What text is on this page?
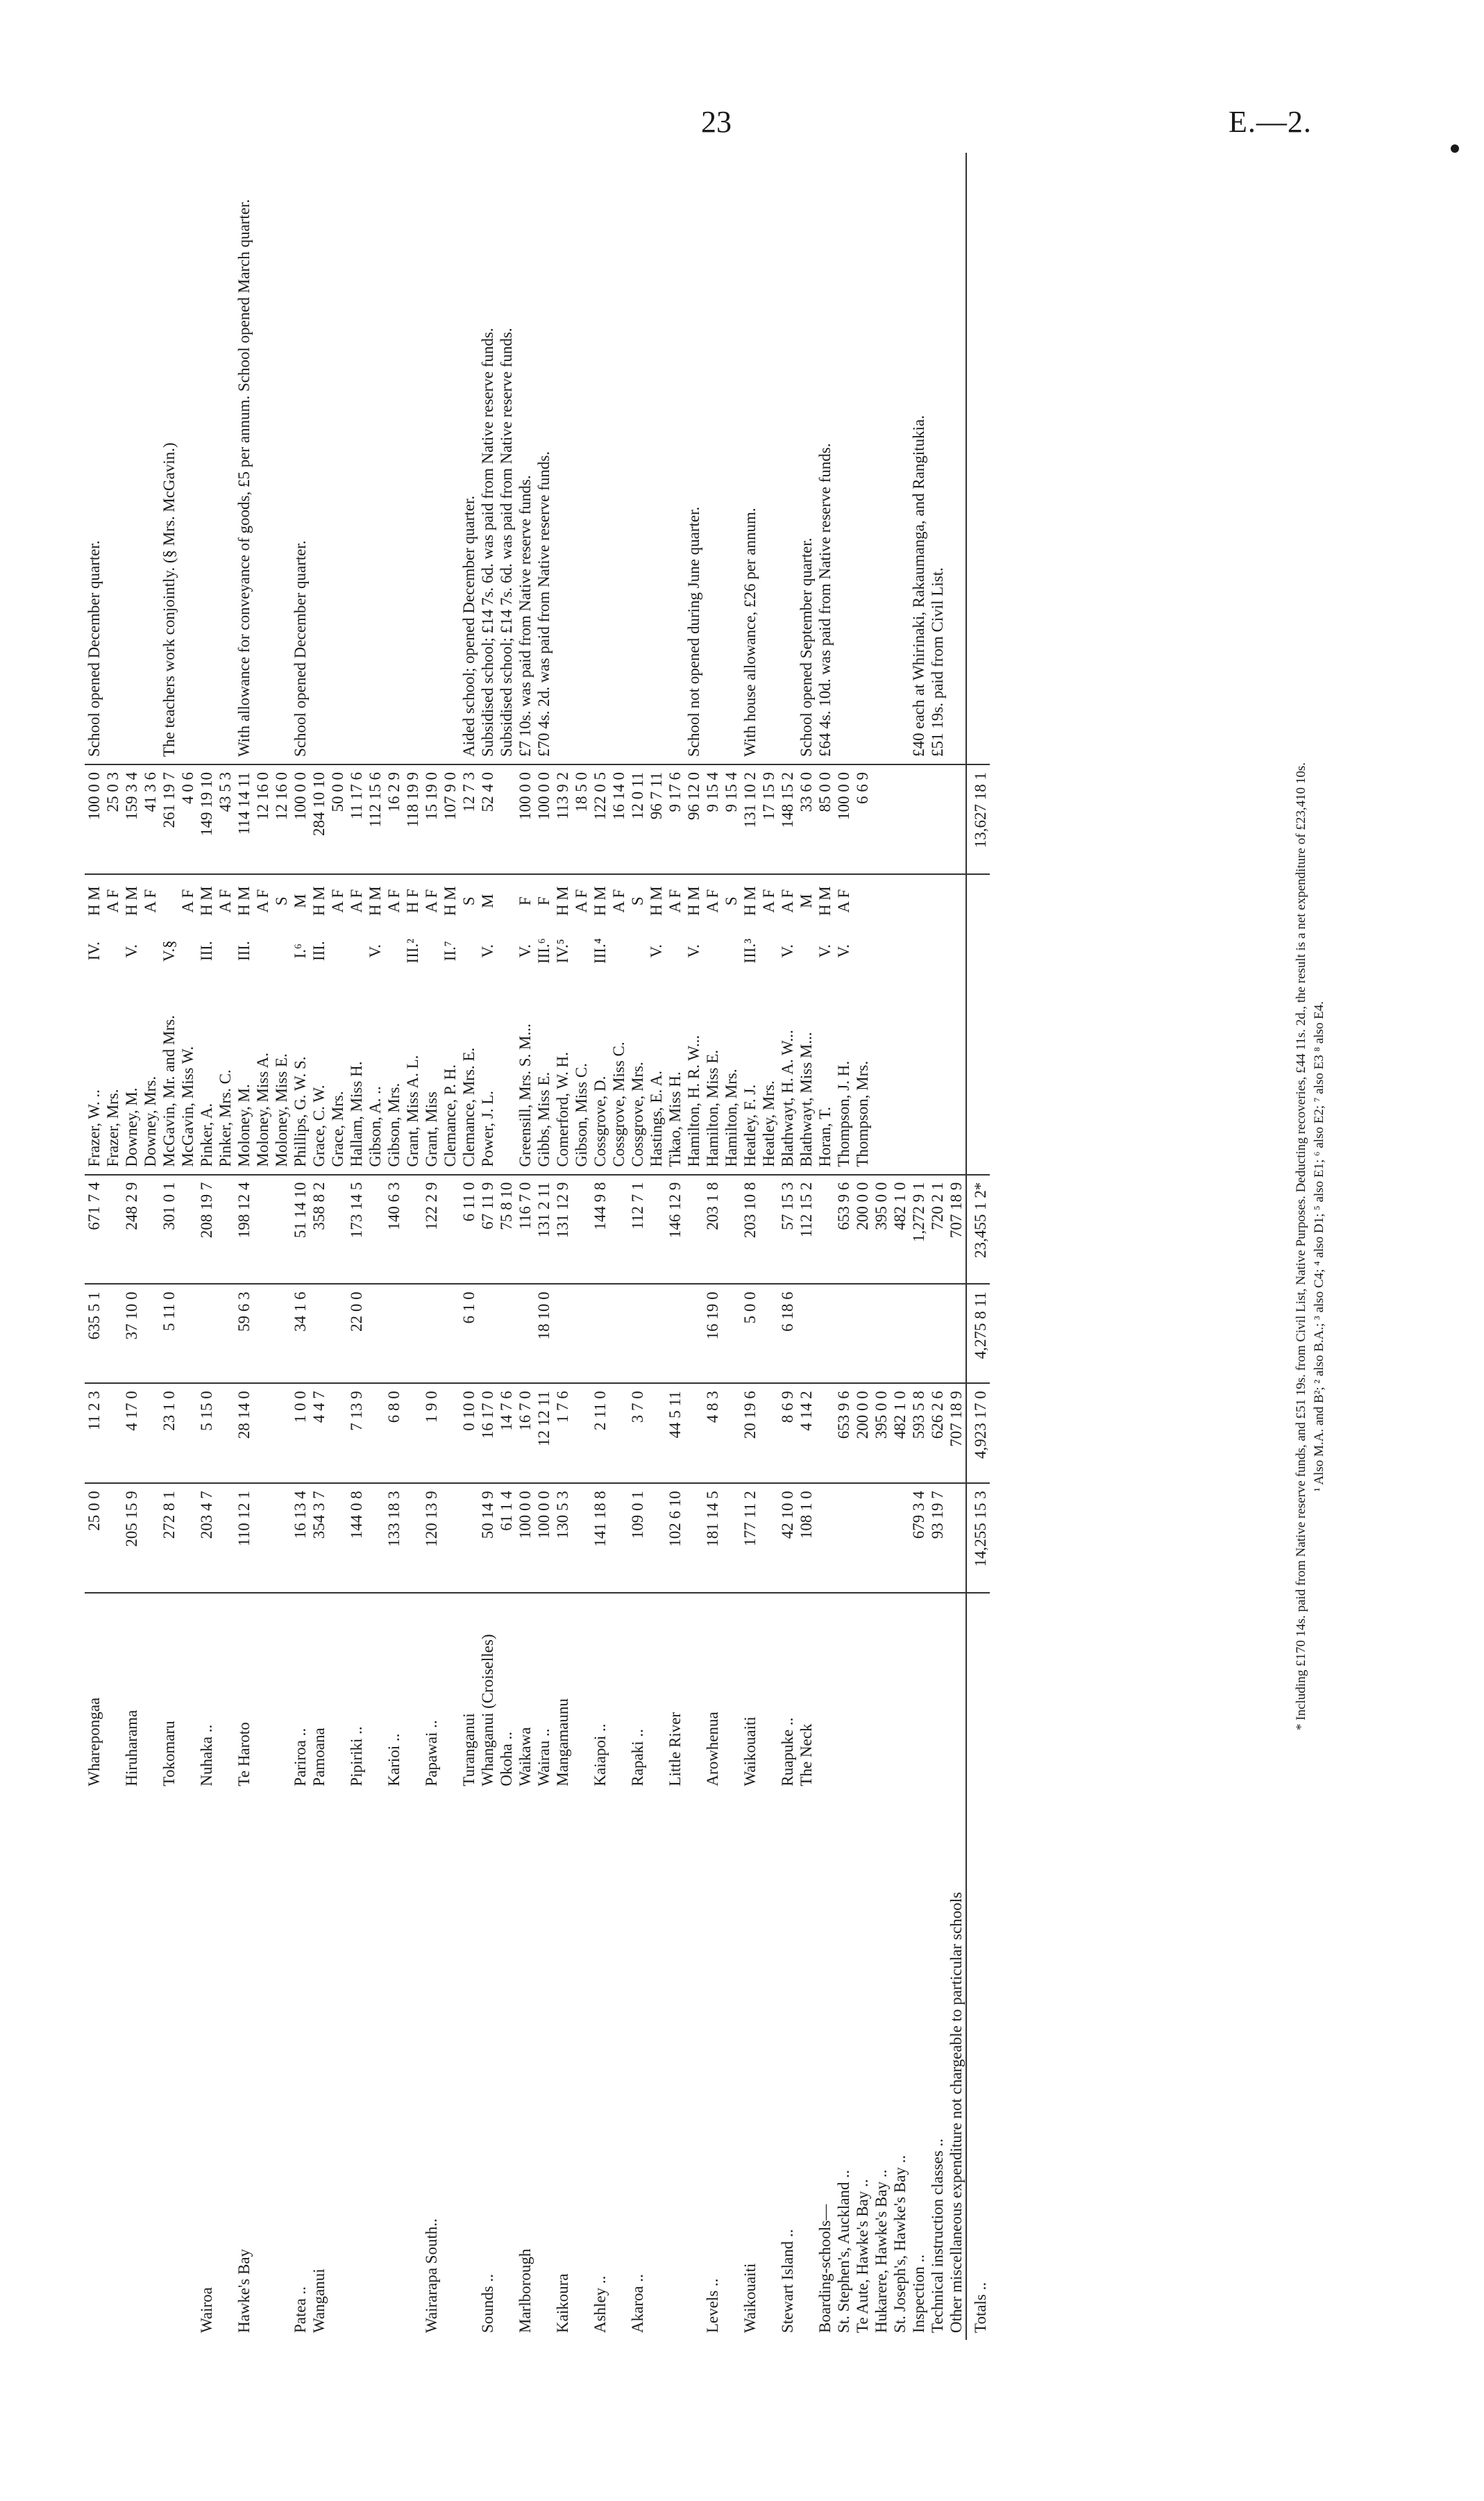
23	E.—2.
	Wharepongaa	25 0 0	11 2 3	635 5 1	671 7 4	Frazer, W. ..	IV.	H M	100 0 0	School opened December quarter.
						Frazer, Mrs.		A F	25 0 3	
	Hiruharama	205 15 9	4 17 0	37 10 0	248 2 9	Downey, M.	V.	H M	159 3 4	
						Downey, Mrs.		A F	41 3 6	
	Tokomaru	272 8 1	23 1 0	5 11 0	301 0 1	McGavin, Mr. and Mrs.	V.§		261 19 7	The teachers work conjointly. (§ Mrs. McGavin.)
						McGavin, Miss W.		A F	4 0 6	
Wairoa	Nuhaka ..	203 4 7	5 15 0		208 19 7	Pinker, A.	III.	H M	149 19 10	
						Pinker, Mrs. C.		A F	43 5 3	
Hawke's Bay	Te Haroto	110 12 1	28 14 0	59 6 3	198 12 4	Moloney, M.	III.	H M	114 14 11	With allowance for conveyance of goods, £5 per annum. School opened March quarter.
						Moloney, Miss A.		A F	12 16 0	
						Moloney, Miss E.		S	12 16 0	
Patea ..	Pariroa ..	16 13 4	1 0 0	34 1 6	51 14 10	Phillips, G. W. S.	I.⁶	M	100 0 0	School opened December quarter.
Wanganui	Pamoana	354 3 7	4 4 7		358 8 2	Grace, C. W.	III.	H M	284 10 10	
						Grace, Mrs.		A F	50 0 0	
	Pipiriki ..	144 0 8	7 13 9	22 0 0	173 14 5	Hallam, Miss H.		A F	11 17 6	
						Gibson, A. ..	V.	H M	112 15 6	
	Karioi ..	133 18 3	6 8 0		140 6 3	Gibson, Mrs.		A F	16 2 9	
						Grant, Miss A. L.	III.²	H F	118 19 9	
Wairarapa South..	Papawai ..	120 13 9	1 9 0		122 2 9	Grant, Miss		A F	15 19 0	
						Clemance, P. H.	II.⁷	H M	107 9 0	
	Turanganui		0 10 0	6 1 0	6 11 0	Clemance, Mrs. E.		S	12 7 3	Aided school; opened December quarter.
Sounds ..	Whanganui (Croiselles)	50 14 9	16 17 0		67 11 9	Power, J. L.	V.	M	52 4 0	Subsidised school; £14 7s. 6d. was paid from Native reserve funds.
	Okoha ..	61 1 4	14 7 6		75 8 10					Subsidised school; £14 7s. 6d. was paid from Native reserve funds.
Marlborough	Waikawa	100 0 0	16 7 0		116 7 0	Greensill, Mrs. S. M...	V.	F	100 0 0	£7 10s. was paid from Native reserve funds.
	Wairau ..	100 0 0	12 12 11	18 10 0	131 2 11	Gibbs, Miss E.	III.⁶	F	100 0 0	£70 4s. 2d. was paid from Native reserve funds.
Kaikoura	Mangamaunu	130 5 3	1 7 6		131 12 9	Comerford, W. H.	IV.⁵	H M	113 9 2	
						Gibson, Miss C.		A F	18 5 0	
Ashley ..	Kaiapoi ..	141 18 8	2 11 0		144 9 8	Cossgrove, D.	III.⁴	H M	122 0 5	
						Cossgrove, Miss C.		A F	16 14 0	
Akaroa ..	Rapaki ..	109 0 1	3 7 0		112 7 1	Cossgrove, Mrs.		S	12 0 11	
						Hastings, E. A.	V.	H M	96 7 11	
	Little River	102 6 10	44 5 11		146 12 9	Tikao, Miss H.		A F	9 17 6	
						Hamilton, H. R. W...	V.	H M	96 12 0	School not opened during June quarter.
Levels ..	Arowhenua	181 14 5	4 8 3	16 19 0	203 1 8	Hamilton, Miss E.		A F	9 15 4	
						Hamilton, Mrs.		S	9 15 4	
Waikouaiti	Waikouaiti	177 11 2	20 19 6	5 0 0	203 10 8	Heatley, F. J.	III.³	H M	131 10 2	With house allowance, £26 per annum.
						Heatley, Mrs.		A F	17 15 9	
Stewart Island ..	Ruapuke ..	42 10 0	8 6 9	6 18 6	57 15 3	Blathwayt, H. A. W...	V.	A F	148 15 2	
	The Neck	108 1 0	4 14 2		112 15 2	Blathwayt, Miss M...		M	33 6 0	School opened September quarter.
Boarding-schools—						Horan, T.	V.	H M	85 0 0	£64 4s. 10d. was paid from Native reserve funds.
St. Stephen's, Auckland ..			653 9 6		653 9 6	Thompson, J. H.	V.	A F	100 0 0	
Te Aute, Hawke's Bay ..			200 0 0		200 0 0	Thompson, Mrs.			6 6 9	
Hukarere, Hawke's Bay ..			395 0 0		395 0 0					
St. Joseph's, Hawke's Bay ..			482 1 0		482 1 0					
Inspection ..		679 3 4	593 5 8		1,272 9 1					£40 each at Whirinaki, Rakaumanga, and Rangitukia.
Technical instruction classes ..		93 19 7	626 2 6		720 2 1					£51 19s. paid from Civil List.
Other miscellaneous expenditure not chargeable to particular schools			707 18 9		707 18 9					
Totals ..		14,255 15 3	4,923 17 0	4,275 8 11	23,455 1 2*				13,627 18 1		* Including £170 14s. paid from Native reserve funds, and £51 19s. from Civil List, Native Purposes. Deducting recoveries, £44 11s. 2d., the result is a net expenditure of £23,410 10s. ¹ Also M.A. and B²; ² also B.A.; ³ also C4; ⁴ also D1; ⁵ also E1; ⁶ also E2; ⁷ also E3 ⁸ also E4.
